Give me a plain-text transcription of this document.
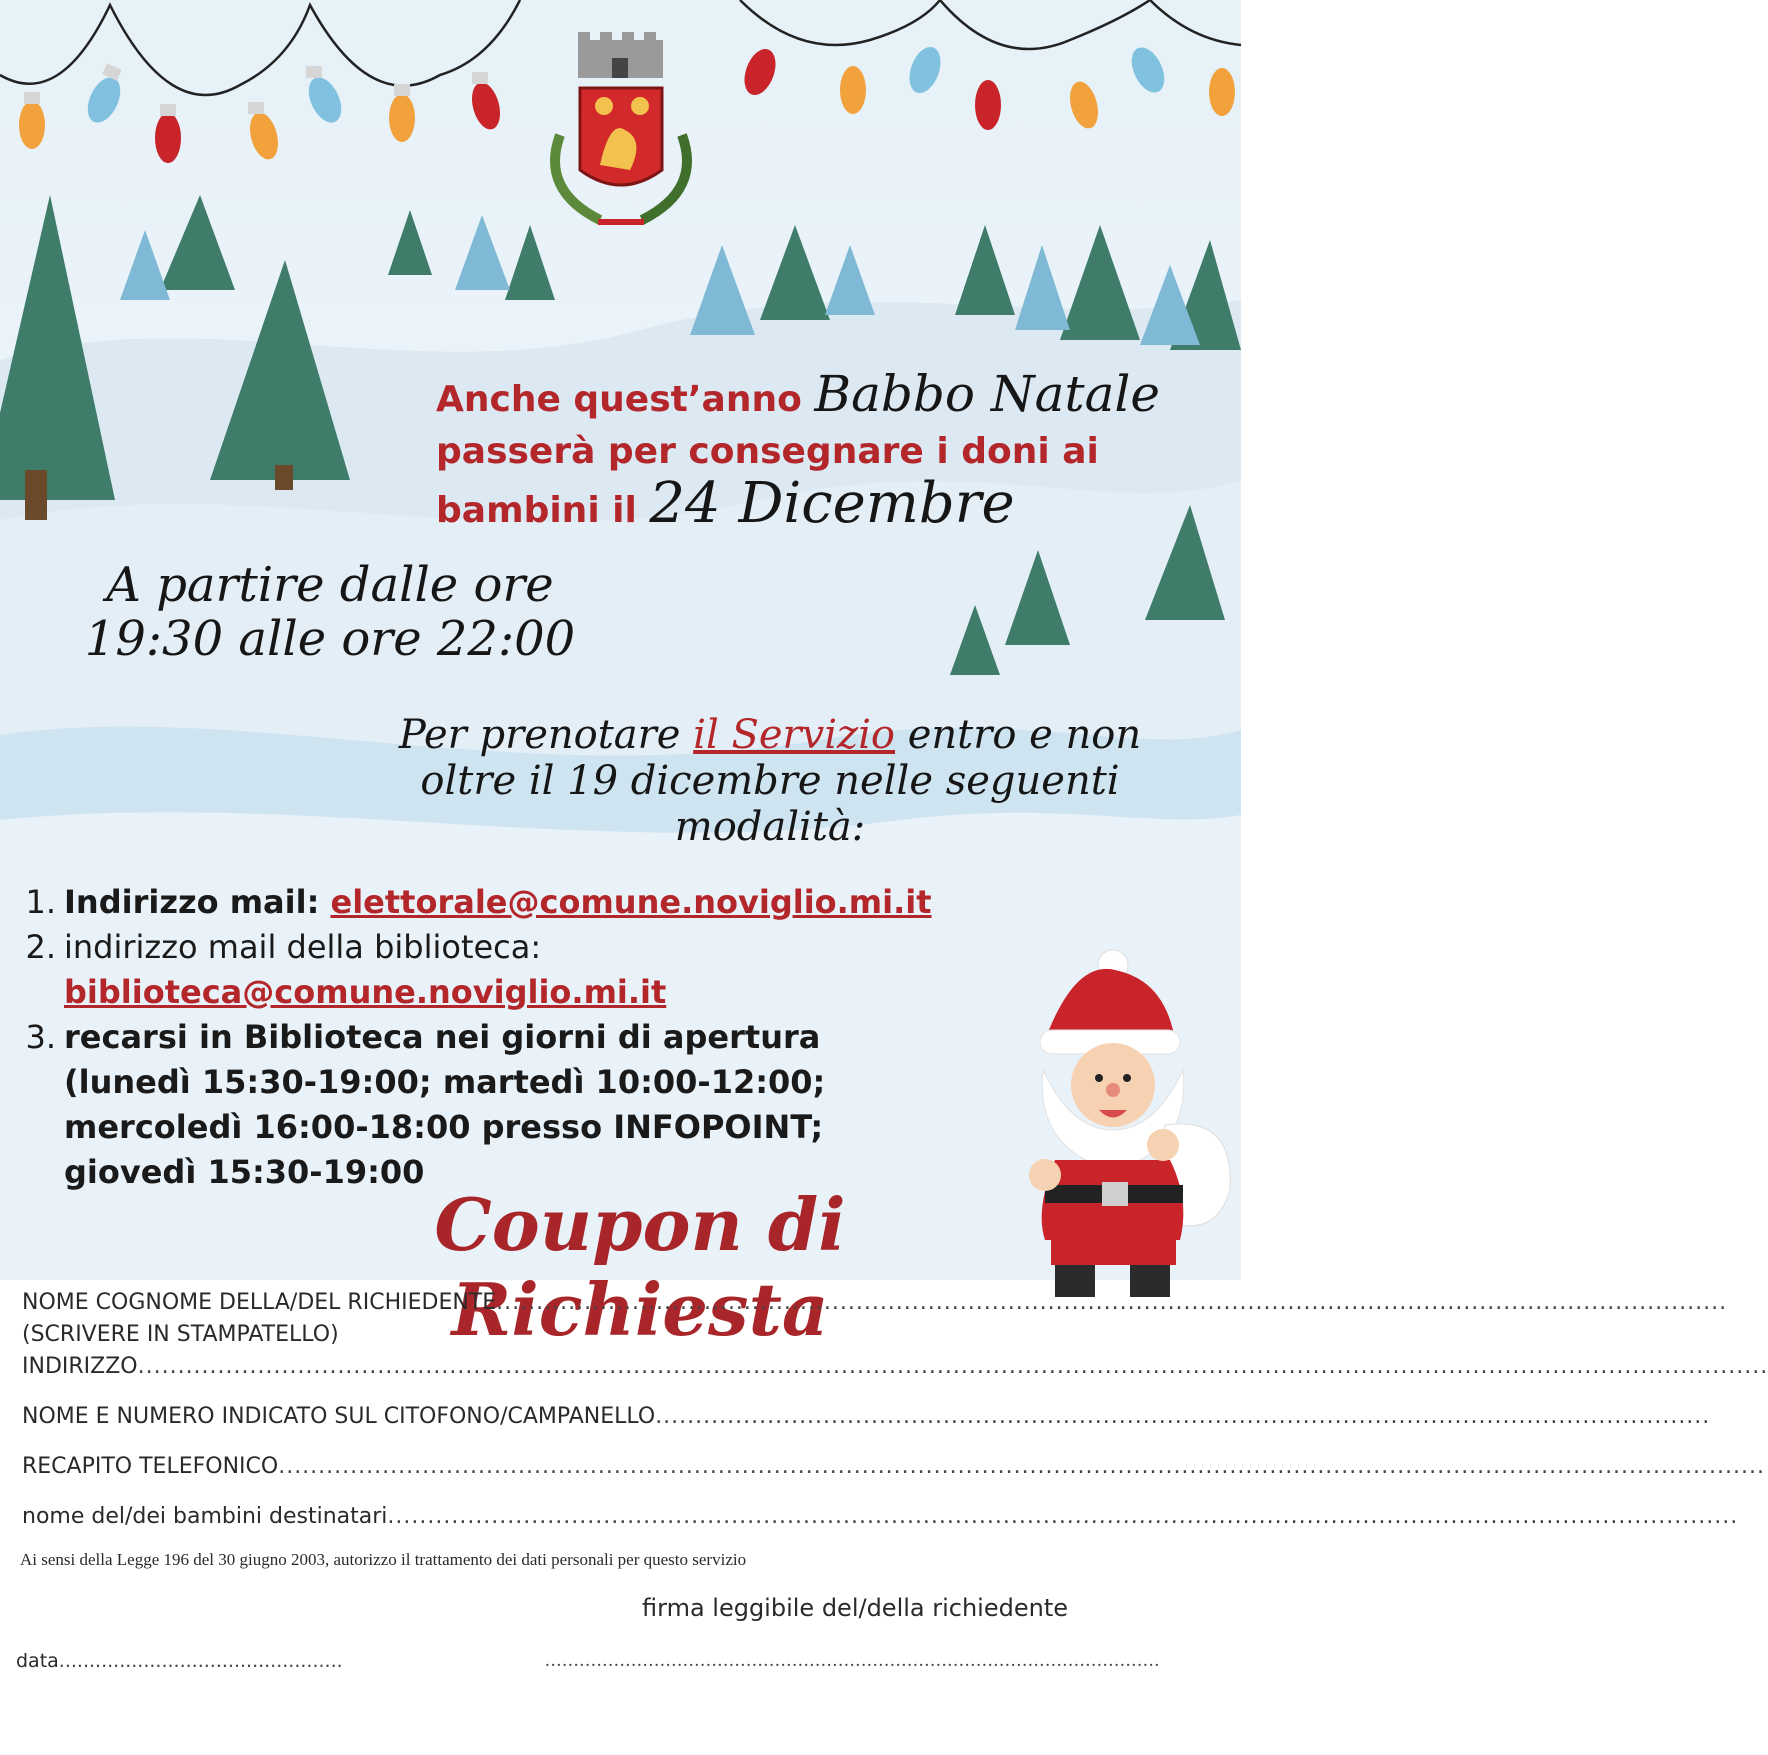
Anche quest’anno Babbo Natale
passerà per consegnare i doni ai
bambini il 24 Dicembre
A partire dalle ore
19:30 alle ore 22:00
Per prenotare il Servizio entro e non oltre il 19 dicembre nelle seguenti modalità:
1. Indirizzo mail: elettorale@comune.noviglio.mi.it
2. indirizzo mail della biblioteca:
biblioteca@comune.noviglio.mi.it
3. recarsi in Biblioteca nei giorni di apertura (lunedì 15:30-19:00; martedì 10:00-12:00; mercoledì 16:00-18:00 presso INFOPOINT; giovedì 15:30-19:00
Coupon di Richiesta
NOME COGNOME DELLA/DEL RICHIEDENTE..........................................................................................................................................................
(SCRIVERE IN STAMPATELLO)
INDIRIZZO............................................................................................................................................................................................................
NOME E NUMERO INDICATO SUL CITOFONO/CAMPANELLO....................................................................................................................................
RECAPITO TELEFONICO..........................................................................................................................................................................................
nome del/dei bambini destinatari.........................................................................................................................................................................
Ai sensi della Legge 196 del 30 giugno 2003, autorizzo il trattamento dei dati personali per questo servizio
firma leggibile del/della richiedente
data...............................................	...........................................................................................................
